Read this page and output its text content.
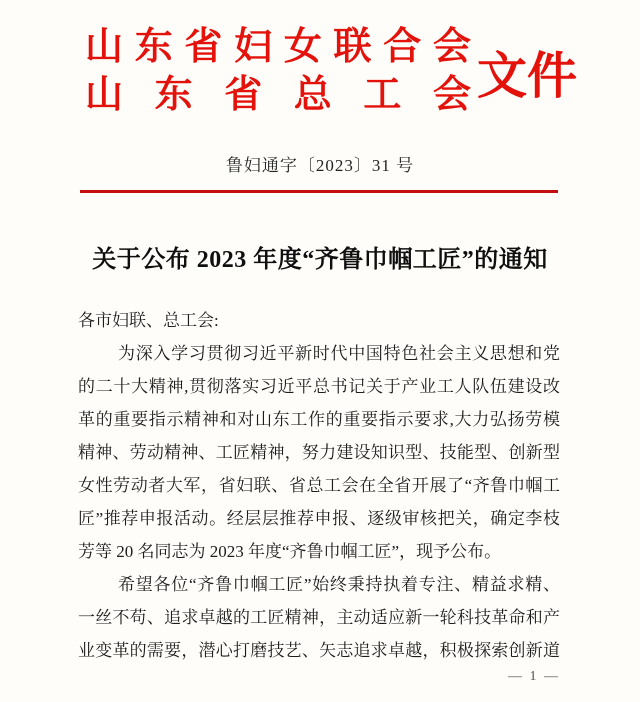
山东省妇女联合会
山东省总工会 文件
鲁妇通字〔2023〕31 号
关于公布 2023 年度“齐鲁巾帼工匠”的通知
各市妇联、总工会:
为深入学习贯彻习近平新时代中国特色社会主义思想和党
的二十大精神,贯彻落实习近平总书记关于产业工人队伍建设改
革的重要指示精神和对山东工作的重要指示要求,大力弘扬劳模
精神、劳动精神、工匠精神，努力建设知识型、技能型、创新型
女性劳动者大军，省妇联、省总工会在全省开展了“齐鲁巾帼工
匠”推荐申报活动。经层层推荐申报、逐级审核把关，确定李枝
芳等 20 名同志为 2023 年度“齐鲁巾帼工匠”，现予公布。
希望各位“齐鲁巾帼工匠”始终秉持执着专注、精益求精、
一丝不苟、追求卓越的工匠精神，主动适应新一轮科技革命和产
业变革的需要，潜心打磨技艺、矢志追求卓越，积极探索创新道
— 1 —
